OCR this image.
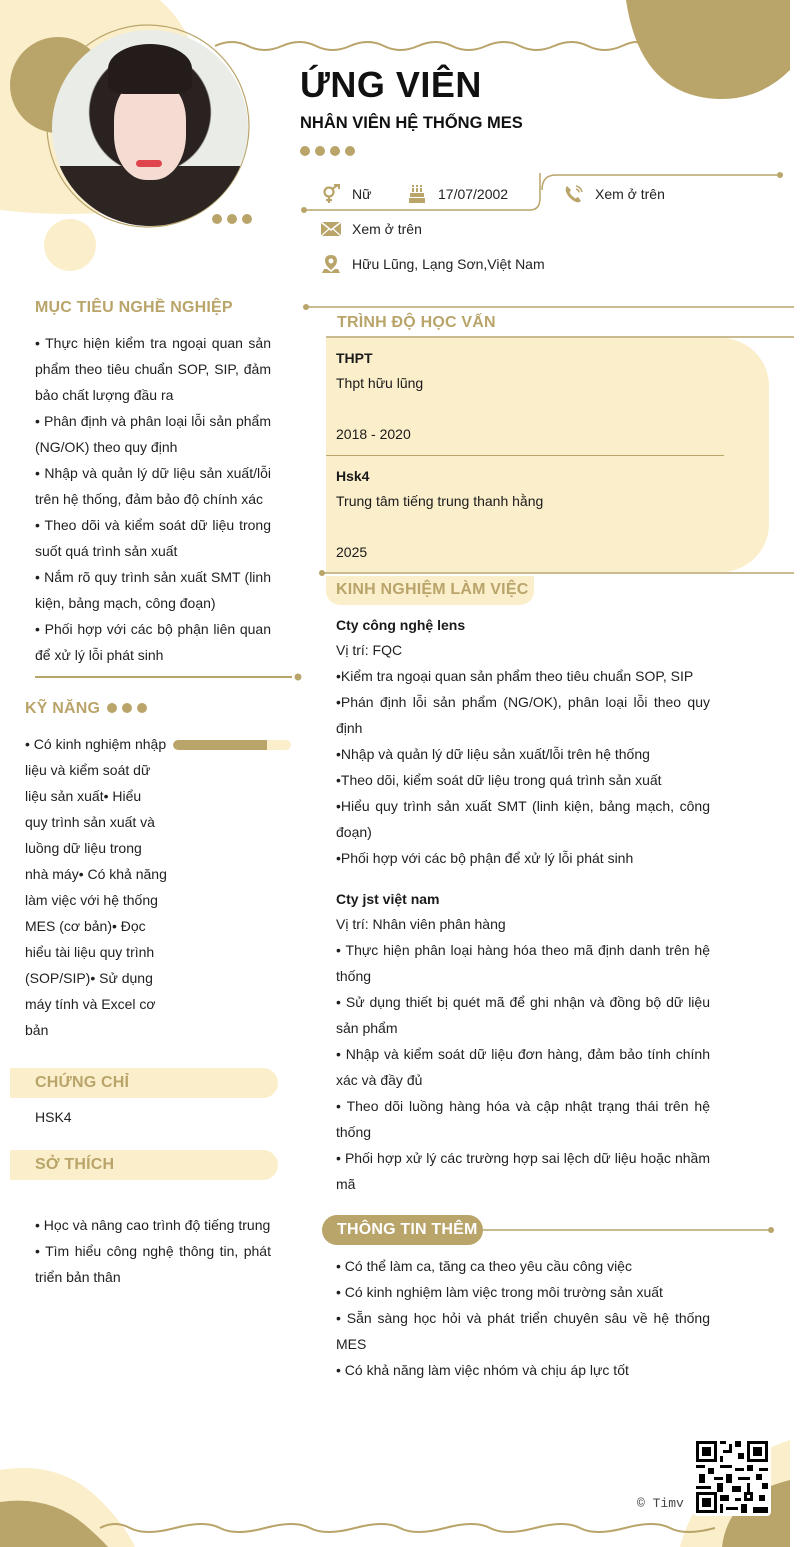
ỨNG VIÊN
NHÂN VIÊN HỆ THỐNG MES
Nữ	17/07/2002	Xem ở trên
Xem ở trên
Hữu Lũng, Lạng Sơn,Việt Nam
MỤC TIÊU NGHỀ NGHIỆP
• Thực hiện kiểm tra ngoại quan sản phẩm theo tiêu chuẩn SOP, SIP, đảm bảo chất lượng đầu ra
• Phân định và phân loại lỗi sản phẩm (NG/OK) theo quy định
• Nhập và quản lý dữ liệu sản xuất/lỗi trên hệ thống, đảm bảo độ chính xác
• Theo dõi và kiểm soát dữ liệu trong suốt quá trình sản xuất
• Nắm rõ quy trình sản xuất SMT (linh kiện, bảng mạch, công đoạn)
• Phối hợp với các bộ phận liên quan để xử lý lỗi phát sinh
KỸ NĂNG
• Có kinh nghiệm nhập liệu và kiểm soát dữ liệu sản xuất• Hiểu quy trình sản xuất và luồng dữ liệu trong nhà máy• Có khả năng làm việc với hệ thống MES (cơ bản)• Đọc hiểu tài liệu quy trình (SOP/SIP)• Sử dụng máy tính và Excel cơ bản
CHỨNG CHỈ
HSK4
SỞ THÍCH
• Học và nâng cao trình độ tiếng trung
• Tìm hiểu công nghệ thông tin, phát triển bản thân
TRÌNH ĐỘ HỌC VẤN
THPT
Thpt hữu lũng
2018 - 2020
Hsk4
Trung tâm tiếng trung thanh hằng
2025
KINH NGHIỆM LÀM VIỆC
Cty công nghệ lens
Vị trí: FQC
•Kiểm tra ngoại quan sản phẩm theo tiêu chuẩn SOP, SIP
•Phán định lỗi sản phẩm (NG/OK), phân loại lỗi theo quy định
•Nhập và quản lý dữ liệu sản xuất/lỗi trên hệ thống
•Theo dõi, kiểm soát dữ liệu trong quá trình sản xuất
•Hiểu quy trình sản xuất SMT (linh kiện, bảng mạch, công đoạn)
•Phối hợp với các bộ phận để xử lý lỗi phát sinh
Cty jst việt nam
Vị trí: Nhân viên phân hàng
• Thực hiện phân loại hàng hóa theo mã định danh trên hệ thống
• Sử dụng thiết bị quét mã để ghi nhận và đồng bộ dữ liệu sản phẩm
• Nhập và kiểm soát dữ liệu đơn hàng, đảm bảo tính chính xác và đầy đủ
• Theo dõi luồng hàng hóa và cập nhật trạng thái trên hệ thống
• Phối hợp xử lý các trường hợp sai lệch dữ liệu hoặc nhầm mã
THÔNG TIN THÊM
• Có thể làm ca, tăng ca theo yêu cầu công việc
• Có kinh nghiệm làm việc trong môi trường sản xuất
• Sẵn sàng học hỏi và phát triển chuyên sâu về hệ thống MES
• Có khả năng làm việc nhóm và chịu áp lực tốt
© Timv
